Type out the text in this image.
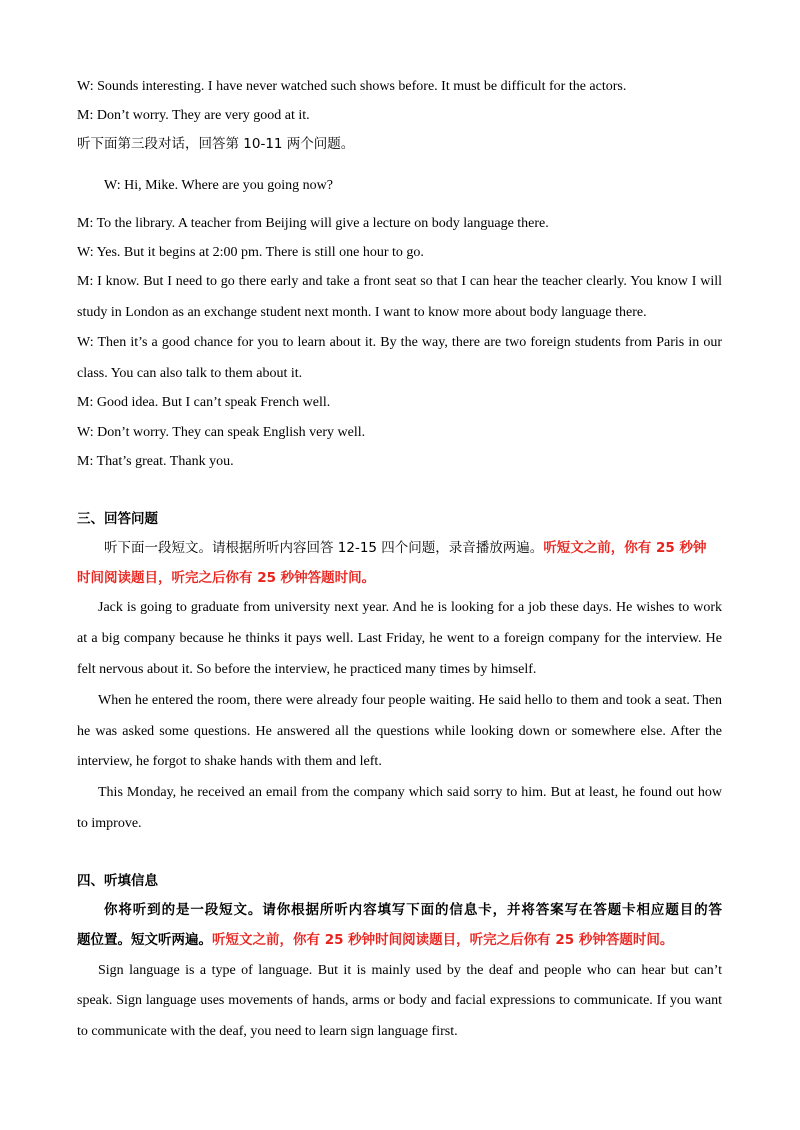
W: Sounds interesting. I have never watched such shows before. It must be difficult for the actors.
M: Don’t worry. They are very good at it.
听下面第三段对话，回答第 10-11 两个问题。
W: Hi, Mike. Where are you going now?
M: To the library. A teacher from Beijing will give a lecture on body language there.
W: Yes. But it begins at 2:00 pm. There is still one hour to go.
M: I know. But I need to go there early and take a front seat so that I can hear the teacher clearly. You know I will
study in London as an exchange student next month. I want to know more about body language there.
W: Then it’s a good chance for you to learn about it. By the way, there are two foreign students from Paris in our
class. You can also talk to them about it.
M: Good idea. But I can’t speak French well.
W: Don’t worry. They can speak English very well.
M: That’s great. Thank you.
三、回答问题
听下面一段短文。请根据所听内容回答 12-15 四个问题，录音播放两遍。听短文之前，你有 25 秒钟
时间阅读题目，听完之后你有 25 秒钟答题时间。
Jack is going to graduate from university next year. And he is looking for a job these days. He wishes to work
at a big company because he thinks it pays well. Last Friday, he went to a foreign company for the interview. He
felt nervous about it. So before the interview, he practiced many times by himself.
When he entered the room, there were already four people waiting. He said hello to them and took a seat. Then
he was asked some questions. He answered all the questions while looking down or somewhere else. After the
interview, he forgot to shake hands with them and left.
This Monday, he received an email from the company which said sorry to him. But at least, he found out how
to improve.
四、听填信息
你将听到的是一段短文。请你根据所听内容填写下面的信息卡，并将答案写在答题卡相应题目的答
题位置。短文听两遍。听短文之前，你有 25 秒钟时间阅读题目，听完之后你有 25 秒钟答题时间。
Sign language is a type of language. But it is mainly used by the deaf and people who can hear but can’t
speak. Sign language uses movements of hands, arms or body and facial expressions to communicate. If you want
to communicate with the deaf, you need to learn sign language first.
